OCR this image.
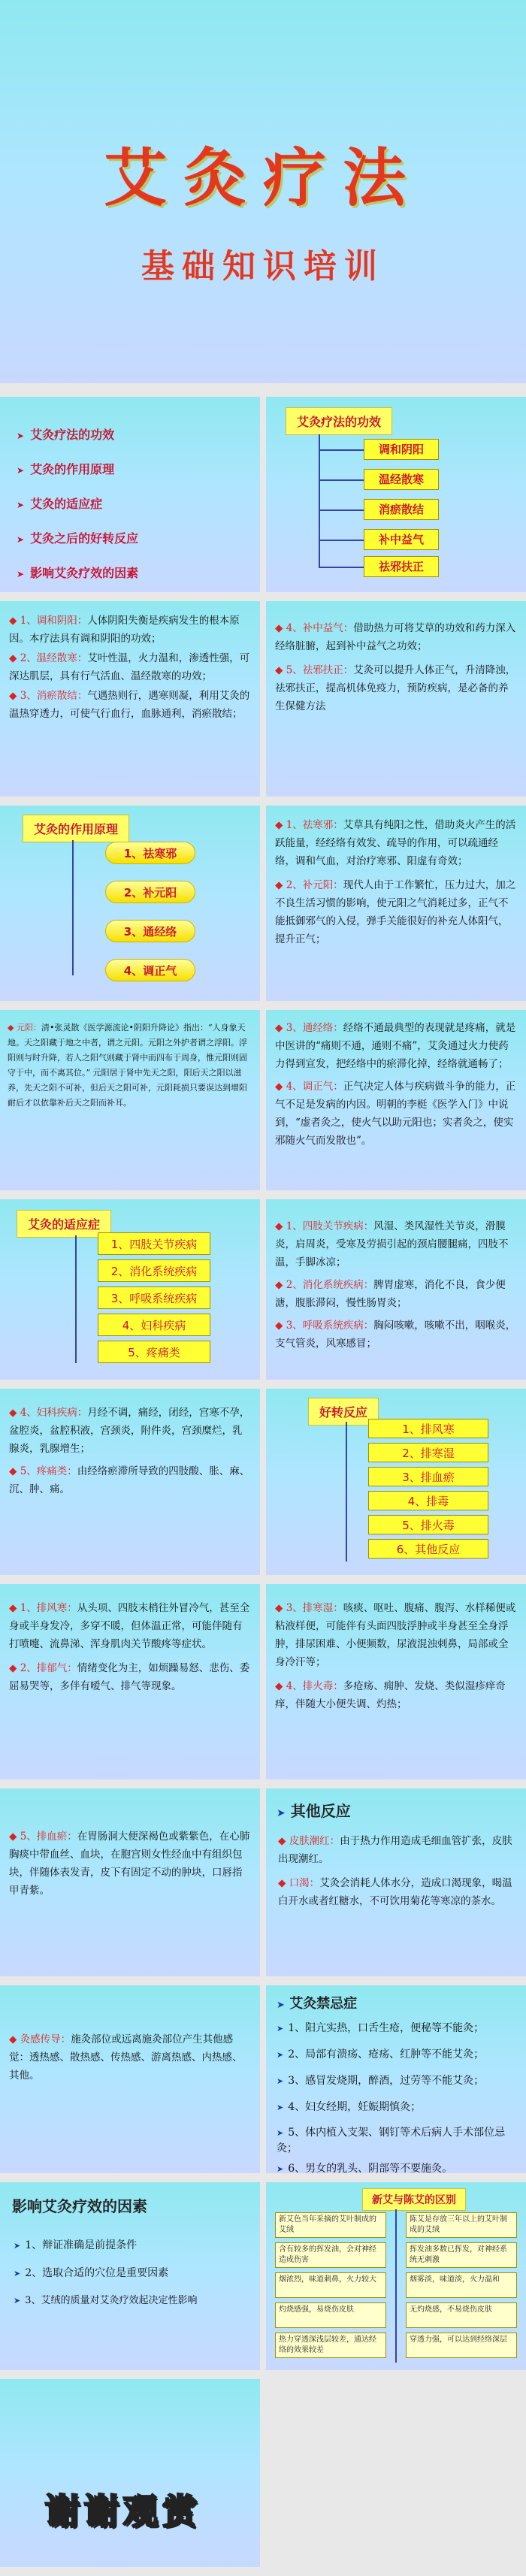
艾灸疗法
基础知识培训
➤ 艾灸疗法的功效
➤ 艾灸的作用原理
➤ 艾灸的适应症
➤ 艾灸之后的好转反应
➤ 影响艾灸疗效的因素
艾灸疗法的功效
调和阴阳
温经散寒
消瘀散结
补中益气
祛邪扶正

◆ 1、调和阴阳：人体阴阳失衡是疾病发生的根本原因。本疗法具有调和阴阳的功效；

◆ 2、温经散寒：艾叶性温，火力温和，渗透性强，可深达肌层，具有行气活血、温经散寒的功效；

◆ 3、消瘀散结：气遇热则行，遇寒则凝，利用艾灸的温热穿透力，可使气行血行，血脉通利，消瘀散结；

◆ 4、补中益气：借助热力可将艾草的功效和药力深入经络脏腑，起到补中益气之功效；

◆ 5、祛邪扶正：艾灸可以提升人体正气，升清降浊，祛邪扶正，提高机体免疫力，预防疾病，是必备的养生保健方法

艾灸的作用原理
1、祛寒邪
2、补元阳
3、通经络
4、调正气

◆ 1、祛寒邪：艾草具有纯阳之性，借助炎火产生的活跃能量，经经络有效发、疏导的作用，可以疏通经络，调和气血，对治疗寒邪、阳虚有奇效；

◆ 2、补元阳：现代人由于工作繁忙，压力过大，加之不良生活习惯的影响，使元阳之气消耗过多，正气不能抵御邪气的入侵，弹手关能很好的补充人体阳气，提升正气；

◆ 元阳：清•张灵散《医学源流论•阴阳升降论》指出：“人身象天地。天之阳藏于地之中者，谓之元阳。元阳之外护者谓之浮阳。浮阳则与时升降，若人之阳气则藏于肾中而四布于周身，惟元阳则固守于中，而不离其位。” 元阳居于肾中先天之阳，阳后天之阳以滋养，先天之阳不可补，但后天之阳可补，元阳耗损只要误达到增阳耐后才以依靠补后天之阳而补耳。

◆ 3、通经络：经络不通最典型的表现就是疼痛，就是中医讲的“痛则不通，通则不痛”，艾灸通过火力使药力得到宣发，把经络中的瘀滞化掉，经络就通畅了；

◆ 4、调正气：正气决定人体与疾病做斗争的能力，正气不足是发病的内因。明朝的李梃《医学入门》中说到，“虚者灸之，使火气以助元阳也；实者灸之，使实邪随火气而发散也”。

艾灸的适应症
1、四肢关节疾病
2、消化系统疾病
3、呼吸系统疾病
4、妇科疾病
5、疼痛类

◆ 1、四肢关节疾病：风湿、类风湿性关节炎，滑膜炎，肩周炎，受寒及劳损引起的颈肩腰腿痛，四肢不温，手脚冰凉；

◆ 2、消化系统疾病：脾胃虚寒，消化不良，食少便溏，腹胀滞闷，慢性肠胃炎；

◆ 3、呼吸系统疾病：胸闷咳嗽，咳嗽不出，咽喉炎，支气管炎，风寒感冒；

◆ 4、妇科疾病：月经不调，痛经，闭经，宫寒不孕，盆腔炎，盆腔积液，宫颈炎，附件炎，宫颈糜烂，乳腺炎，乳腺增生；

◆ 5、疼痛类：由经络瘀滞所导致的四肢酸、胀、麻、沉、肿、痛。

好转反应
1、排风寒
2、排寒湿
3、排血瘀
4、排毒
5、排火毒
6、其他反应

◆ 1、排风寒：从头项、四肢末梢往外冒冷气，甚至全身或半身发冷，多穿不暖，但体温正常，可能伴随有打喷嚏、流鼻涕、浑身肌肉关节酸疼等症状。

◆ 2、排郁气：情绪变化为主，如烦躁易怒、悲伤、委屈易哭等，多伴有嗳气、排气等现象。

◆ 3、排寒湿：咳痰、呕吐、腹痛、腹泻、水样稀便或粘液样便，可能伴有头面四肢浮肿或半身甚至全身浮肿，排尿困难、小便频数，尿液混浊刺鼻，局部或全身冷汗等；

◆ 4、排火毒：多疮疡、痈肿、发烧、类似湿疹痒奇痒，伴随大小便失调、灼热；

◆ 5、排血瘀：在胃肠洞大便深褐色或紫紫色，在心肺胸痰中带血丝、血块，在胞宫则女性经血中有组织包块，伴随体表发青，皮下有固定不动的肿块，口唇指甲青紫。

➤ 其他反应

◆ 皮肤潮红：由于热力作用造成毛细血管扩张，皮肤出现潮红。

◆ 口渴：艾灸会消耗人体水分，造成口渴现象，喝温白开水或者红糖水，不可饮用菊花等寒凉的茶水。

◆ 灸感传导：施灸部位或远离施灸部位产生其他感觉：透热感、散热感、传热感、游离热感、内热感、其他。

➤ 艾灸禁忌症
➤ 1、阳亢实热，口舌生疮，便秘等不能灸；
➤ 2、局部有溃疡、疮疡、红肿等不能艾灸；
➤ 3、感冒发烧期，醉酒，过劳等不能艾灸；
➤ 4、妇女经期，妊娠期慎灸；
➤ 5、体内植入支架、钢钉等术后病人手术部位忌灸；
➤ 6、男女的乳头、阴部等不要施灸。
影响艾灸疗效的因素
➤ 1、辩证准确是前提条件
➤ 2、选取合适的穴位是重要因素
➤ 3、艾绒的质量对艾灸疗效起决定性影响
新艾与陈艾的区别
新艾色当年采摘的艾叶制成的艾绒
含有较多的挥发油，会对神经造成伤害
烟浓烈，味道刺鼻，火力较大
灼烧感强，易烧伤皮肤
热力穿透深浅层较差，通达经络的效果较差
陈艾是存放三年以上的艾叶制成的艾绒
挥发油多数已挥发，对神经系统无刺激
烟雾淡，味道淡，火力温和
无灼烧感，不易烧伤皮肤
穿透力强，可以达到经络深层
谢谢观赏
